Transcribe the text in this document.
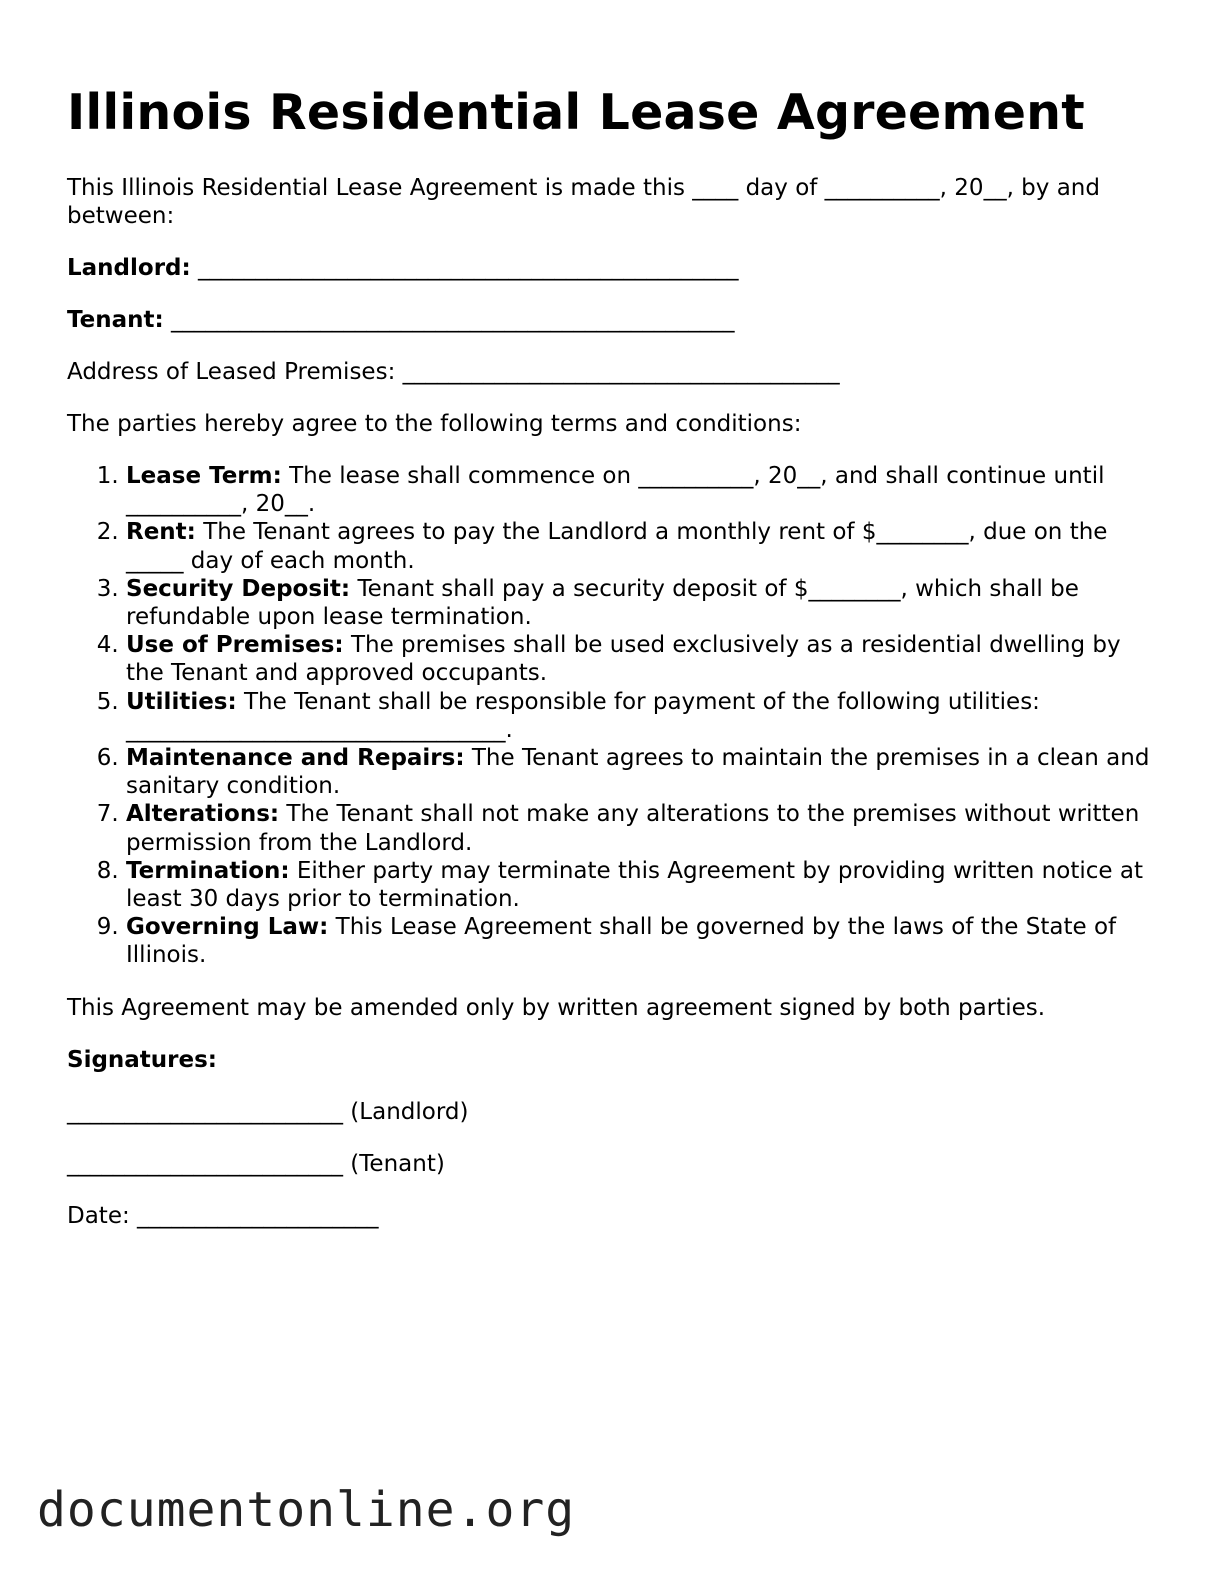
Illinois Residential Lease Agreement

This Illinois Residential Lease Agreement is made this ____ day of __________, 20__, by and between:

Landlord: _______________________________________________

Tenant: _________________________________________________

Address of Leased Premises: ______________________________________

The parties hereby agree to the following terms and conditions:

1. Lease Term: The lease shall commence on __________, 20__, and shall continue until __________, 20__.
2. Rent: The Tenant agrees to pay the Landlord a monthly rent of $________, due on the _____ day of each month.
3. Security Deposit: Tenant shall pay a security deposit of $________, which shall be refundable upon lease termination.
4. Use of Premises: The premises shall be used exclusively as a residential dwelling by the Tenant and approved occupants.
5. Utilities: The Tenant shall be responsible for payment of the following utilities: _________________________________.
6. Maintenance and Repairs: The Tenant agrees to maintain the premises in a clean and sanitary condition.
7. Alterations: The Tenant shall not make any alterations to the premises without written permission from the Landlord.
8. Termination: Either party may terminate this Agreement by providing written notice at least 30 days prior to termination.
9. Governing Law: This Lease Agreement shall be governed by the laws of the State of Illinois.

This Agreement may be amended only by written agreement signed by both parties.

Signatures:

________________________ (Landlord)

________________________ (Tenant)

Date: _____________________

documentonline.org
